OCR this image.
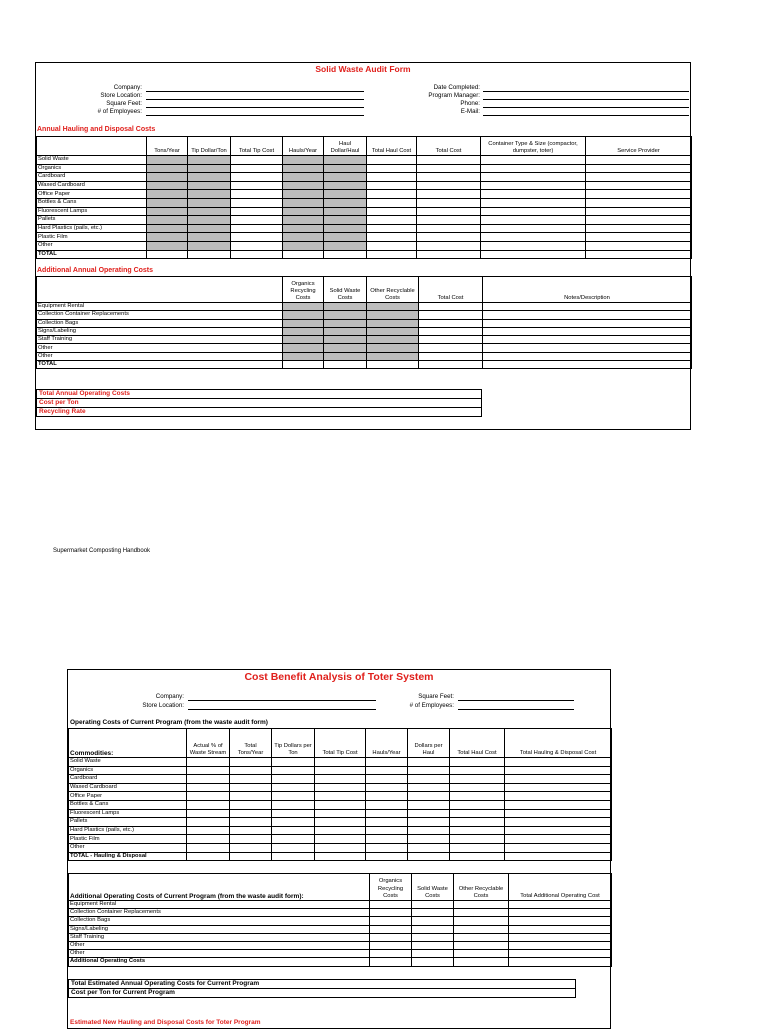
Solid Waste Audit Form
Company:
Store Location:
Square Feet:
# of Employees:
Date Completed:
Program Manager:
Phone:
E-Mail:
Annual Hauling and Disposal Costs
	Tons/Year	Tip Dollar/Ton	Total Tip Cost	Hauls/Year	Haul Dollar/Haul	Total Haul Cost	Total Cost	Container Type & Size (compactor, dumpster, toter)	Service Provider
Solid Waste									
Organics									
Cardboard									
Waxed Cardboard									
Office Paper									
Bottles & Cans									
Fluorescent Lamps									
Pallets									
Hard Plastics (pails, etc.)									
Plastic Film									
Other									
TOTAL									
Additional Annual Operating Costs
	Organics Recycling Costs	Solid Waste Costs	Other Recyclable Costs	Total Cost	Notes/Description
Equipment Rental					
Collection Container Replacements					
Collection Bags					
Signs/Labeling					
Staff Training					
Other					
Other					
TOTAL					
Total Annual Operating Costs
Cost per Ton
Recycling Rate
Supermarket Composting Handbook
Cost Benefit Analysis of Toter System
Company:
Store Location:
Square Feet:
# of Employees:
Operating Costs of Current Program (from the waste audit form)
Commodities:	Actual % of Waste Stream	Total Tons/Year	Tip Dollars per Ton	Total Tip Cost	Hauls/Year	Dollars per Haul	Total Haul Cost	Total Hauling & Disposal Cost
Solid Waste								
Organics								
Cardboard								
Waxed Cardboard								
Office Paper								
Bottles & Cans								
Fluorescent Lamps								
Pallets								
Hard Plastics (pails, etc.)								
Plastic Film								
Other								
TOTAL - Hauling & Disposal								
Additional Operating Costs of Current Program (from the waste audit form):	Organics Recycling Costs	Solid Waste Costs	Other Recyclable Costs	Total Additional Operating Cost
Equipment Rental				
Collection Container Replacements				
Collection Bags				
Signs/Labeling				
Staff Training				
Other				
Other				
Additional Operating Costs				
Total Estimated Annual Operating Costs for Current Program
Cost per Ton for Current Program
Estimated New Hauling and Disposal Costs for Toter Program
